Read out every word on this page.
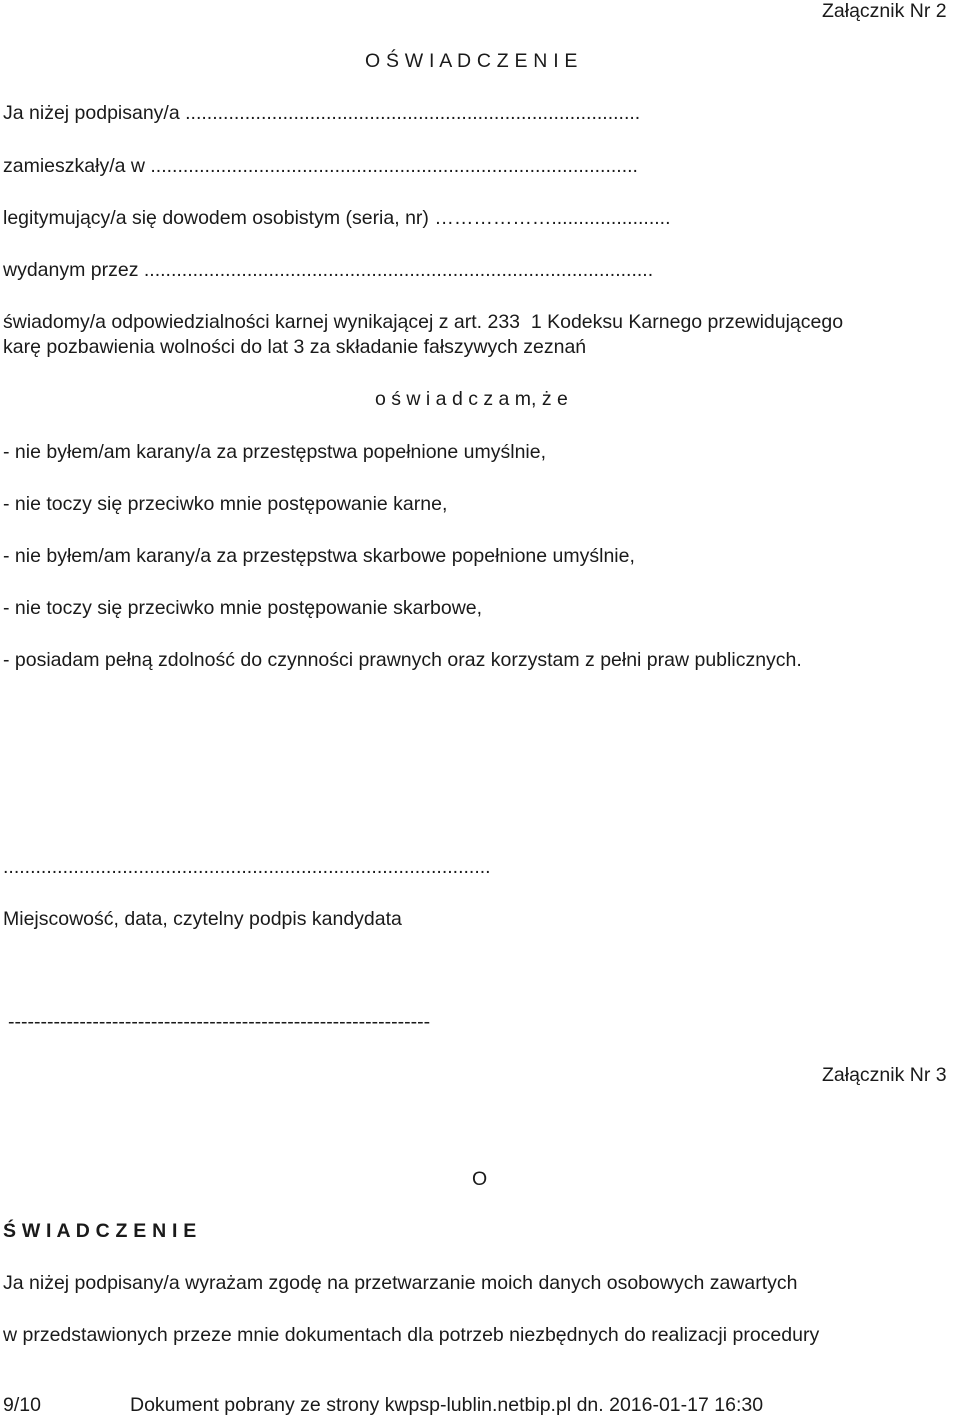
Załącznik Nr 2
O Ś W I A D C Z E N I E
Ja niżej podpisany/a ....................................................................................
zamieszkały/a w ..........................................................................................
legitymujący/a się dowodem osobistym (seria, nr) ………………......................
wydanym przez ..............................................................................................
świadomy/a odpowiedzialności karnej wynikającej z art. 233  1 Kodeksu Karnego przewidującego
karę pozbawienia wolności do lat 3 za składanie fałszywych zeznań
o ś w i a d c z a m, ż e
- nie byłem/am karany/a za przestępstwa popełnione umyślnie,
- nie toczy się przeciwko mnie postępowanie karne,
- nie byłem/am karany/a za przestępstwa skarbowe popełnione umyślnie,
- nie toczy się przeciwko mnie postępowanie skarbowe,
- posiadam pełną zdolność do czynności prawnych oraz korzystam z pełni praw publicznych.
..........................................................................................
Miejscowość, data, czytelny podpis kandydata
-----------------------------------------------------------------
Załącznik Nr 3
O
Ś W I A D C Z E N I E
Ja niżej podpisany/a wyrażam zgodę na przetwarzanie moich danych osobowych zawartych
w przedstawionych przeze mnie dokumentach dla potrzeb niezbędnych do realizacji procedury
9/10	Dokument pobrany ze strony kwpsp-lublin.netbip.pl dn. 2016-01-17 16:30
